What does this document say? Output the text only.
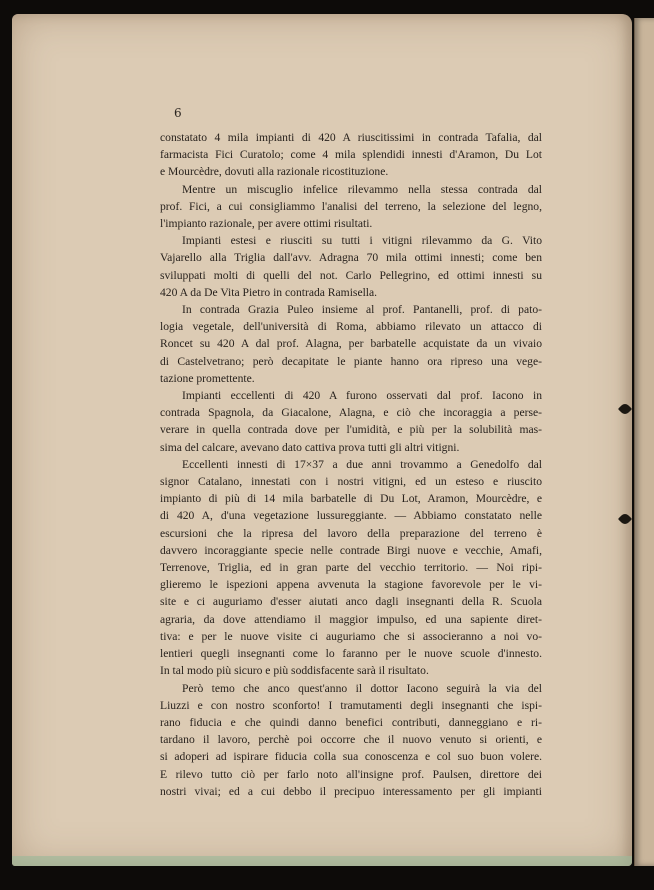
6

constatato 4 mila impianti di 420 A riuscitissimi in contrada Tafalia, dal
farmacista Fici Curatolo; come 4 mila splendidi innesti d'Aramon, Du Lot
e Mourcèdre, dovuti alla razionale ricostituzione.

Mentre un miscuglio infelice rilevammo nella stessa contrada dal
prof. Fici, a cui consigliammo l'analisi del terreno, la selezione del legno,
l'impianto razionale, per avere ottimi risultati.

Impianti estesi e riusciti su tutti i vitigni rilevammo da G. Vito
Vajarello alla Triglia dall'avv. Adragna 70 mila ottimi innesti; come ben
sviluppati molti di quelli del not. Carlo Pellegrino, ed ottimi innesti su
420 A da De Vita Pietro in contrada Ramisella.

In contrada Grazia Puleo insieme al prof. Pantanelli, prof. di pato-
logia vegetale, dell'università di Roma, abbiamo rilevato un attacco di
Roncet su 420 A dal prof. Alagna, per barbatelle acquistate da un vivaio
di Castelvetrano; però decapitate le piante hanno ora ripreso una vege-
tazione promettente.

Impianti eccellenti di 420 A furono osservati dal prof. Iacono in
contrada Spagnola, da Giacalone, Alagna, e ciò che incoraggia a perse-
verare in quella contrada dove per l'umidità, e più per la solubilità mas-
sima del calcare, avevano dato cattiva prova tutti gli altri vitigni.

Eccellenti innesti di 17×37 a due anni trovammo a Genedolfo dal
signor Catalano, innestati con i nostri vitigni, ed un esteso e riuscito
impianto di più di 14 mila barbatelle di Du Lot, Aramon, Mourcèdre, e
di 420 A, d'una vegetazione lussureggiante. — Abbiamo constatato nelle
escursioni che la ripresa del lavoro della preparazione del terreno è
davvero incoraggiante specie nelle contrade Birgi nuove e vecchie, Amafi,
Terrenove, Triglia, ed in gran parte del vecchio territorio. — Noi ripi-
glieremo le ispezioni appena avvenuta la stagione favorevole per le vi-
site e ci auguriamo d'esser aiutati anco dagli insegnanti della R. Scuola
agraria, da dove attendiamo il maggior impulso, ed una sapiente diret-
tiva: e per le nuove visite ci auguriamo che si associeranno a noi vo-
lentieri quegli insegnanti come lo faranno per le nuove scuole d'innesto.
In tal modo più sicuro e più soddisfacente sarà il risultato.

Però temo che anco quest'anno il dottor Iacono seguirà la via del
Liuzzi e con nostro sconforto! I tramutamenti degli insegnanti che ispi-
rano fiducia e che quindi danno benefici contributi, danneggiano e ri-
tardano il lavoro, perchè poi occorre che il nuovo venuto si orienti, e
si adoperi ad ispirare fiducia colla sua conoscenza e col suo buon volere.
E rilevo tutto ciò per farlo noto all'insigne prof. Paulsen, direttore dei
nostri vivai; ed a cui debbo il precipuo interessamento per gli impianti
